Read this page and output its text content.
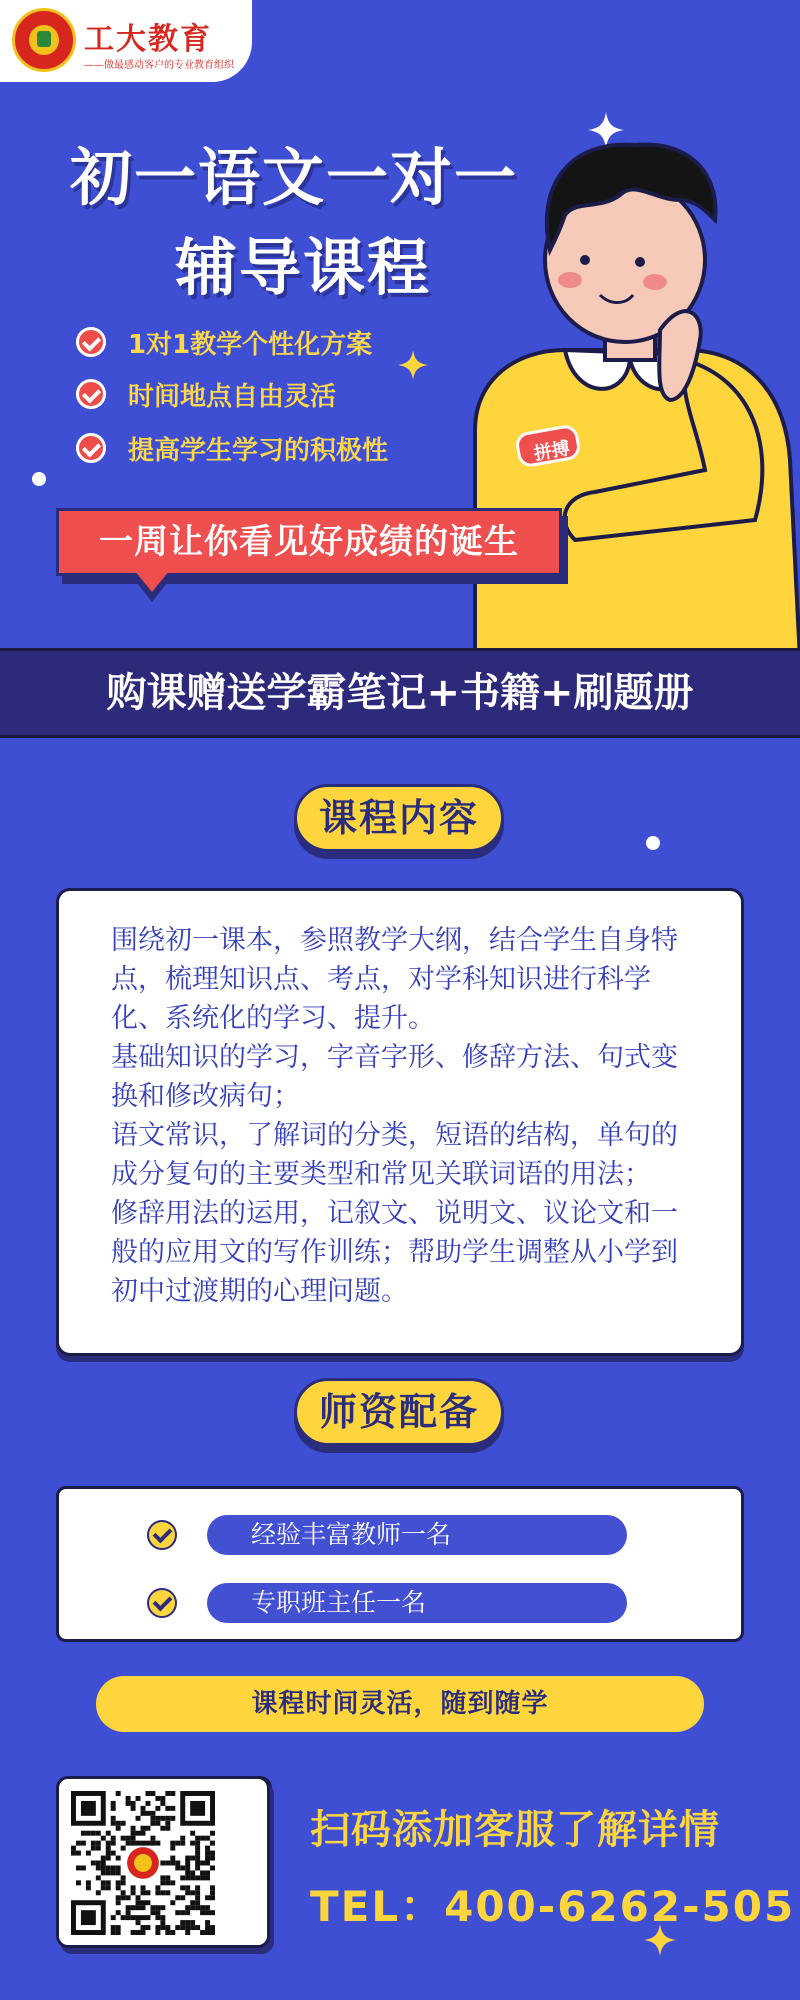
工大教育
——做最感动客户的专业教育组织
初一语文一对一
辅导课程
1对1教学个性化方案
时间地点自由灵活
提高学生学习的积极性	拼搏
一周让你看见好成绩的诞生
购课赠送学霸笔记+书籍+刷题册
课程内容

围绕初一课本，参照教学大纲，结合学生自身特点，梳理知识点、考点，对学科知识进行科学化、系统化的学习、提升。

基础知识的学习，字音字形、修辞方法、句式变换和修改病句；

语文常识，了解词的分类，短语的结构，单句的成分复句的主要类型和常见关联词语的用法；

修辞用法的运用，记叙文、说明文、议论文和一般的应用文的写作训练；帮助学生调整从小学到初中过渡期的心理问题。

师资配备
经验丰富教师一名
专职班主任一名
课程时间灵活，随到随学
扫码添加客服了解详情
TEL：400-6262-505
